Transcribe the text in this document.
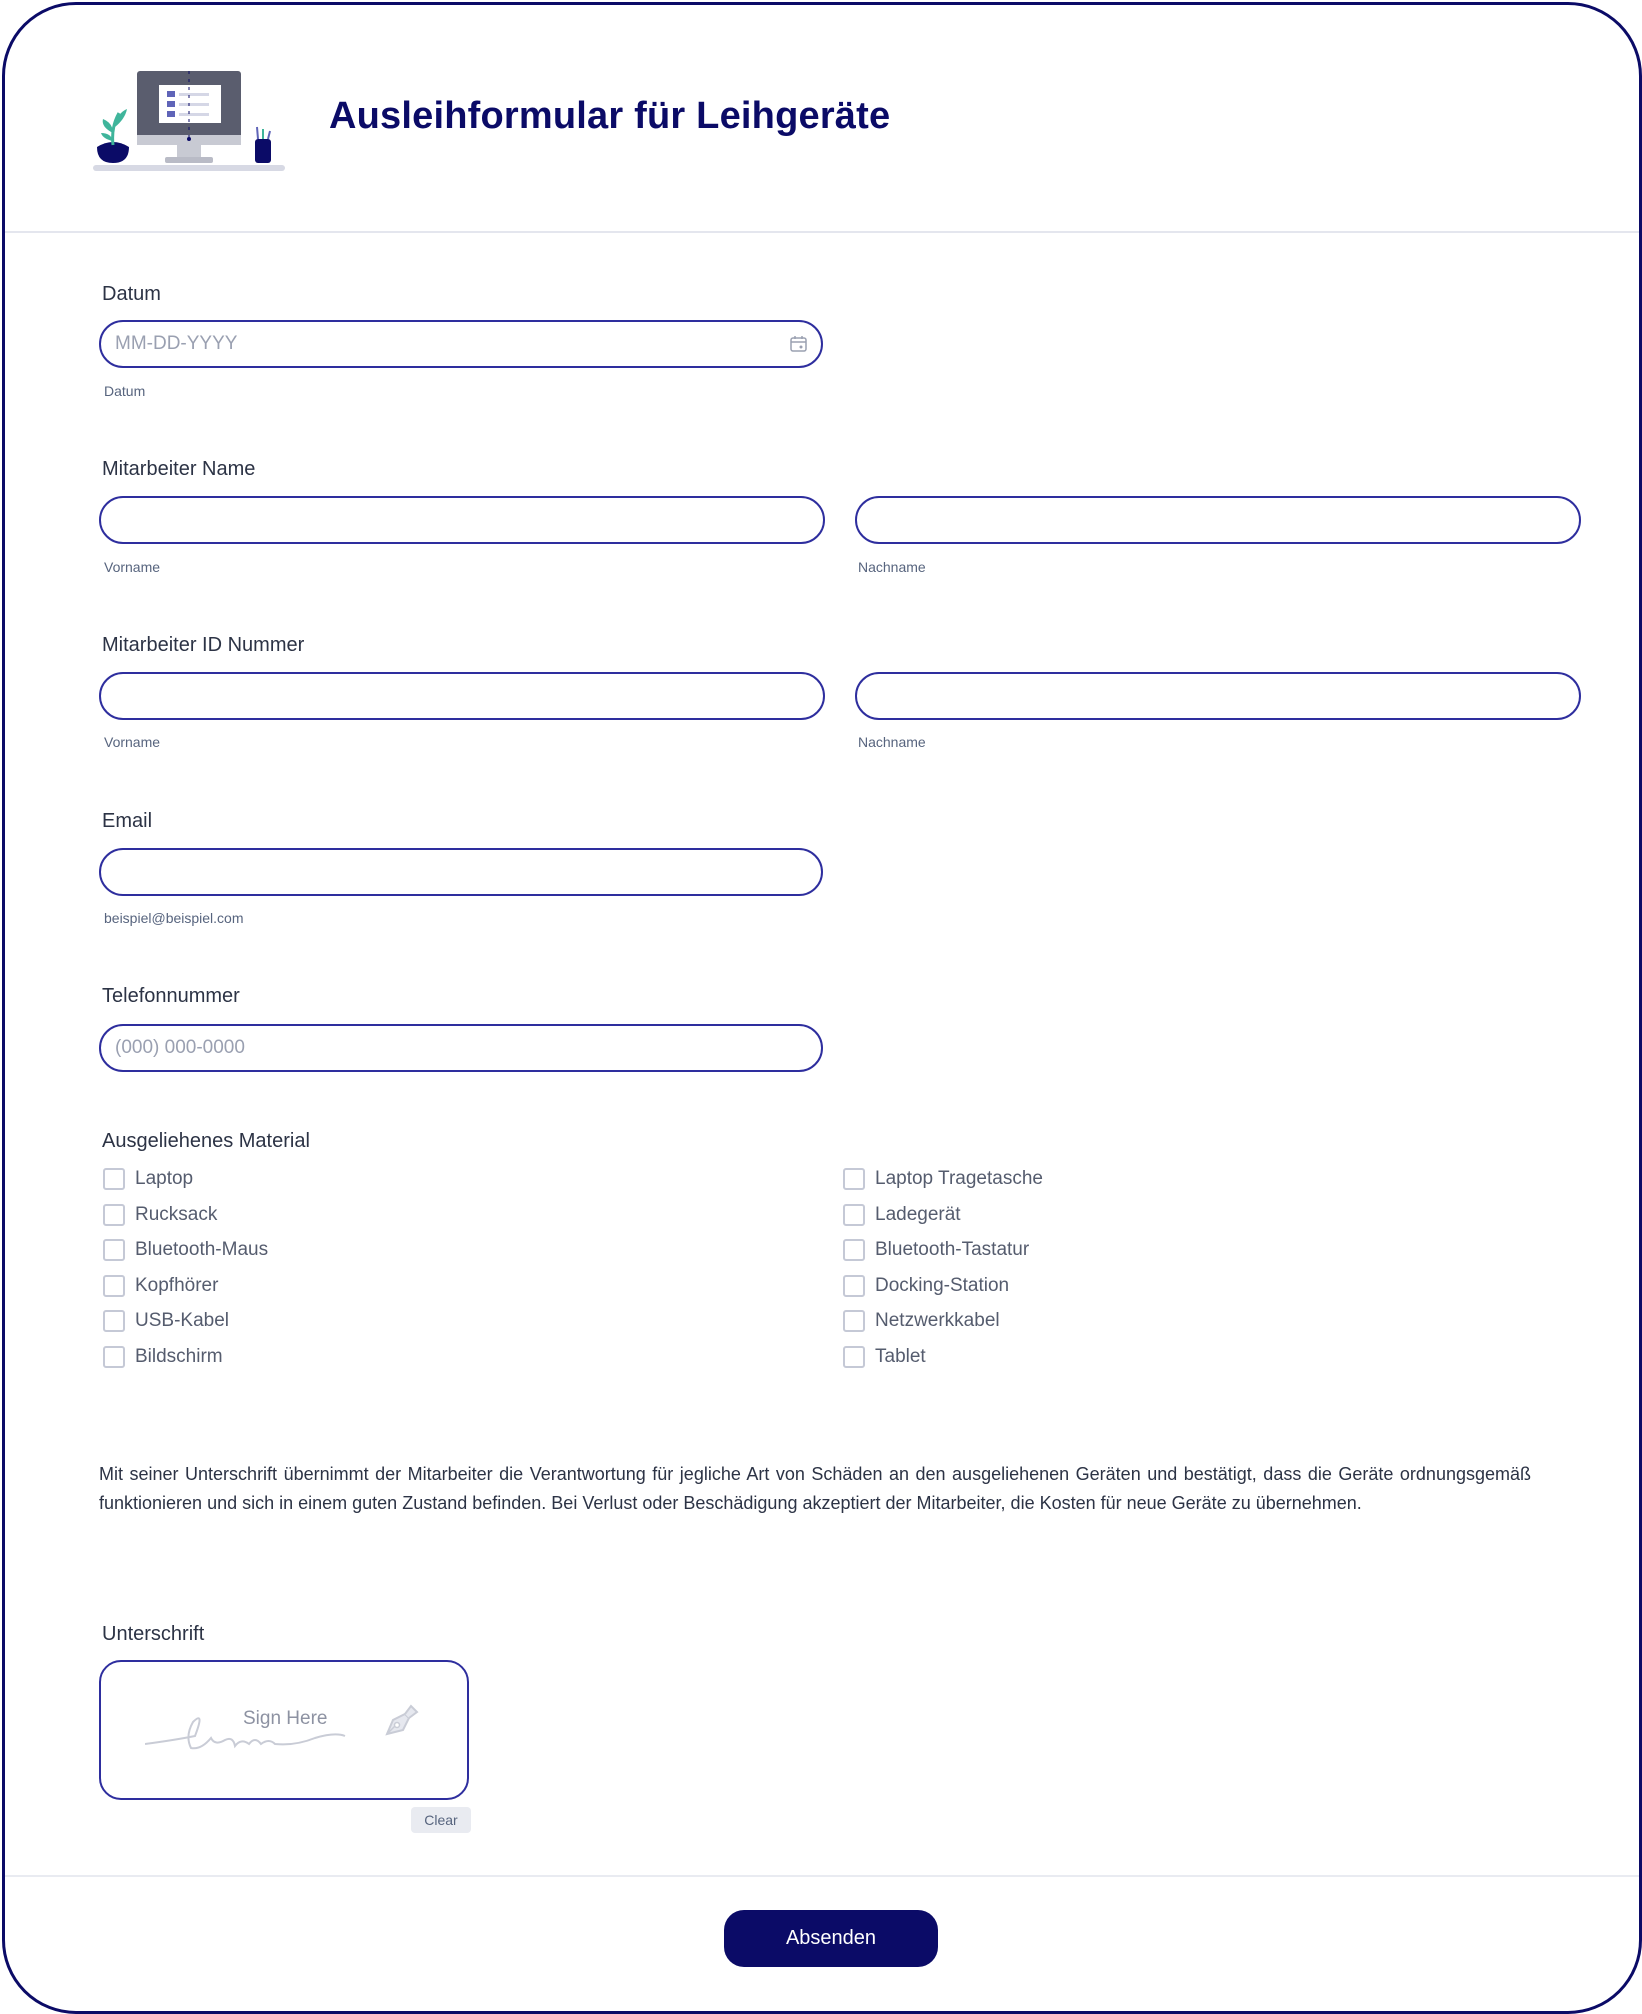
Ausleihformular für Leihgeräte
Datum
MM-DD-YYYY
Datum
Mitarbeiter Name
Vorname	Nachname
Mitarbeiter ID Nummer
Vorname	Nachname
Email
beispiel@beispiel.com
Telefonnummer
(000) 000-0000
Ausgeliehenes Material
Laptop
Rucksack
Bluetooth-Maus
Kopfhörer
USB-Kabel
Bildschirm
Laptop Tragetasche
Ladegerät
Bluetooth-Tastatur
Docking-Station
Netzwerkkabel
Tablet

Mit seiner Unterschrift übernimmt der Mitarbeiter die Verantwortung für jegliche Art von Schäden an den ausgeliehenen Geräten und bestätigt, dass die Geräte ordnungsgemäß funktionieren und sich in einem guten Zustand befinden. Bei Verlust oder Beschädigung akzeptiert der Mitarbeiter, die Kosten für neue Geräte zu übernehmen.

Unterschrift
Sign Here
Clear
Absenden
